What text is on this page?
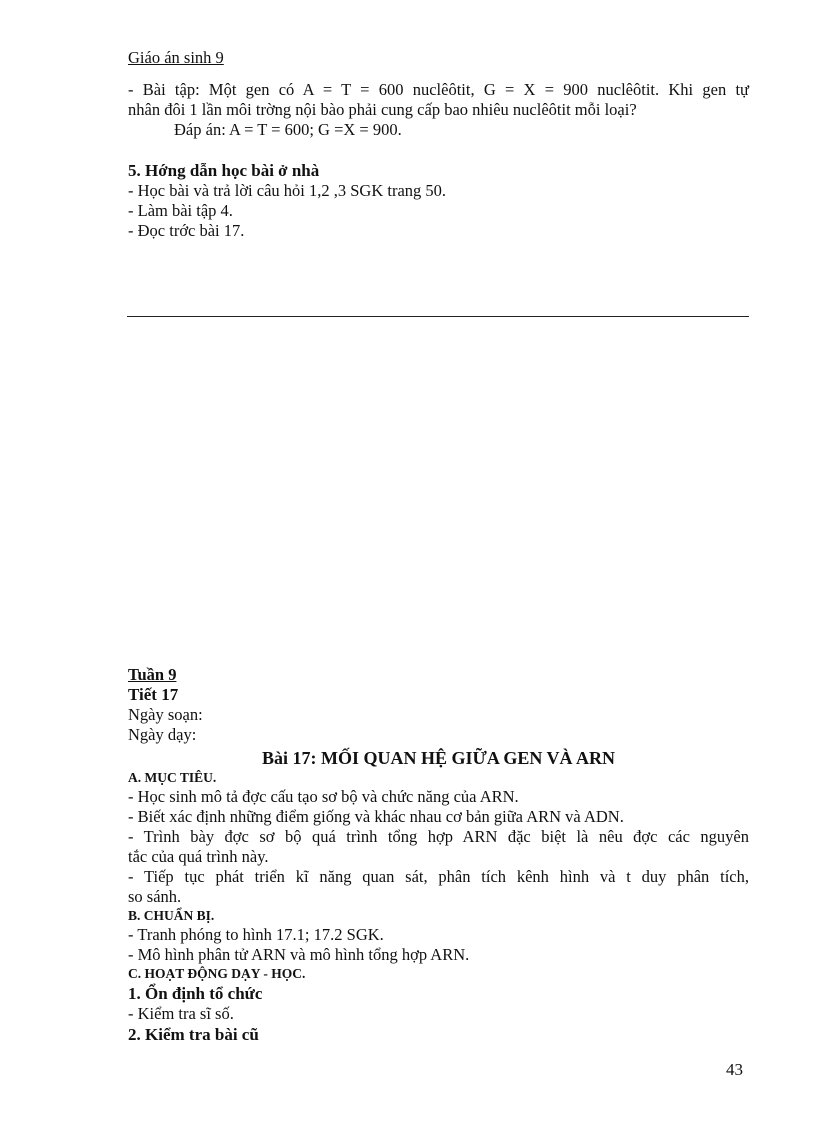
Giáo án sinh 9

- Bài tập: Một gen có A = T = 600 nuclêôtit, G = X = 900 nuclêôtit. Khi gen tự

nhân đôi 1 lần môi trờng nội bào phải cung cấp bao nhiêu nuclêôtit mỗi loại?

Đáp án: A = T = 600; G =X = 900.

5. Hớng dẫn học bài ở nhà

- Học bài và trả lời câu hỏi 1,2 ,3 SGK trang 50.

- Làm bài tập 4.

- Đọc trớc bài 17.

Tuần 9

Tiết 17

Ngày soạn:

Ngày dạy:

Bài 17: MỐI QUAN HỆ GIỮA GEN VÀ ARN

A. MỤC TIÊU.

- Học sinh mô tả đợc cấu tạo sơ bộ và chức năng của ARN.

- Biết xác định những điểm giống và khác nhau cơ bản giữa ARN và ADN.

- Trình bày đợc sơ bộ quá trình tổng hợp ARN đặc biệt là nêu đợc các nguyên

tắc của quá trình này.

- Tiếp tục phát triển kĩ năng quan sát, phân tích kênh hình và t duy phân tích,

so sánh.

B. CHUẨN BỊ.

- Tranh phóng to hình 17.1; 17.2 SGK.

- Mô hình phân tử ARN và mô hình tổng hợp ARN.

C. HOẠT ĐỘNG DẠY - HỌC.

1. Ổn định tổ chức

- Kiểm tra sĩ số.

2. Kiểm tra bài cũ

43
